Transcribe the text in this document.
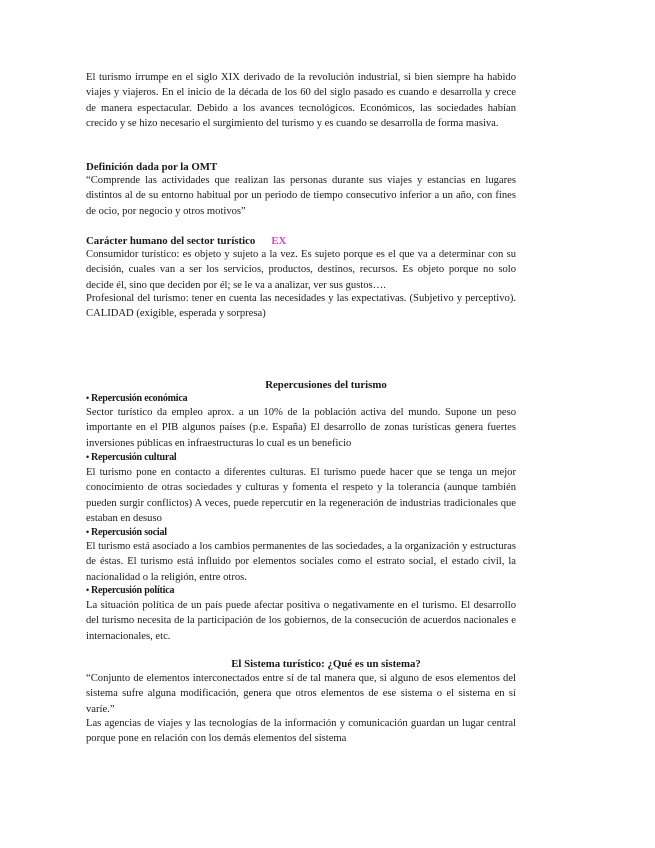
El turismo irrumpe en el siglo XIX derivado de la revolución industrial, si bien siempre ha habido viajes y viajeros. En el inicio de la década de los 60 del siglo pasado es cuando e desarrolla y crece de manera espectacular. Debido a los avances tecnológicos. Económicos, las sociedades habían crecido y se hizo necesario el surgimiento del turismo y es cuando se desarrolla de forma masiva.

Definición dada por la OMT

“Comprende las actividades que realizan las personas durante sus viajes y estancias en lugares distintos al de su entorno habitual por un periodo de tiempo consecutivo inferior a un año, con fines de ocio, por negocio y otros motivos”

Carácter humano del sector turístico EX

Consumidor turístico: es objeto y sujeto a la vez. Es sujeto porque es el que va a determinar con su decisión, cuales van a ser los servicios, productos, destinos, recursos. Es objeto porque no solo decide él, sino que deciden por él; se le va a analizar, ver sus gustos….

Profesional del turismo: tener en cuenta las necesidades y las expectativas. (Subjetivo y perceptivo). CALIDAD (exigible, esperada y sorpresa)

Repercusiones del turismo

• Repercusión económica

Sector turístico da empleo aprox. a un 10% de la población activa del mundo. Supone un peso importante en el PIB algunos países (p.e. España) El desarrollo de zonas turísticas genera fuertes inversiones públicas en infraestructuras lo cual es un beneficio

• Repercusión cultural

El turismo pone en contacto a diferentes culturas. El turismo puede hacer que se tenga un mejor conocimiento de otras sociedades y culturas y fomenta el respeto y la tolerancia (aunque también pueden surgir conflictos) A veces, puede repercutir en la regeneración de industrias tradicionales que estaban en desuso

• Repercusión social

El turismo está asociado a los cambios permanentes de las sociedades, a la organización y estructuras de éstas. El turismo está influido por elementos sociales como el estrato social, el estado civil, la nacionalidad o la religión, entre otros.

• Repercusión política

La situación política de un país puede afectar positiva o negativamente en el turismo. El desarrollo del turismo necesita de la participación de los gobiernos, de la consecución de acuerdos nacionales e internacionales, etc.

El Sistema turístico: ¿Qué es un sistema?

“Conjunto de elementos interconectados entre sí de tal manera que, si alguno de esos elementos del sistema sufre alguna modificación, genera que otros elementos de ese sistema o el sistema en sí varíe.”

Las agencias de viajes y las tecnologías de la información y comunicación guardan un lugar central porque pone en relación con los demás elementos del sistema
